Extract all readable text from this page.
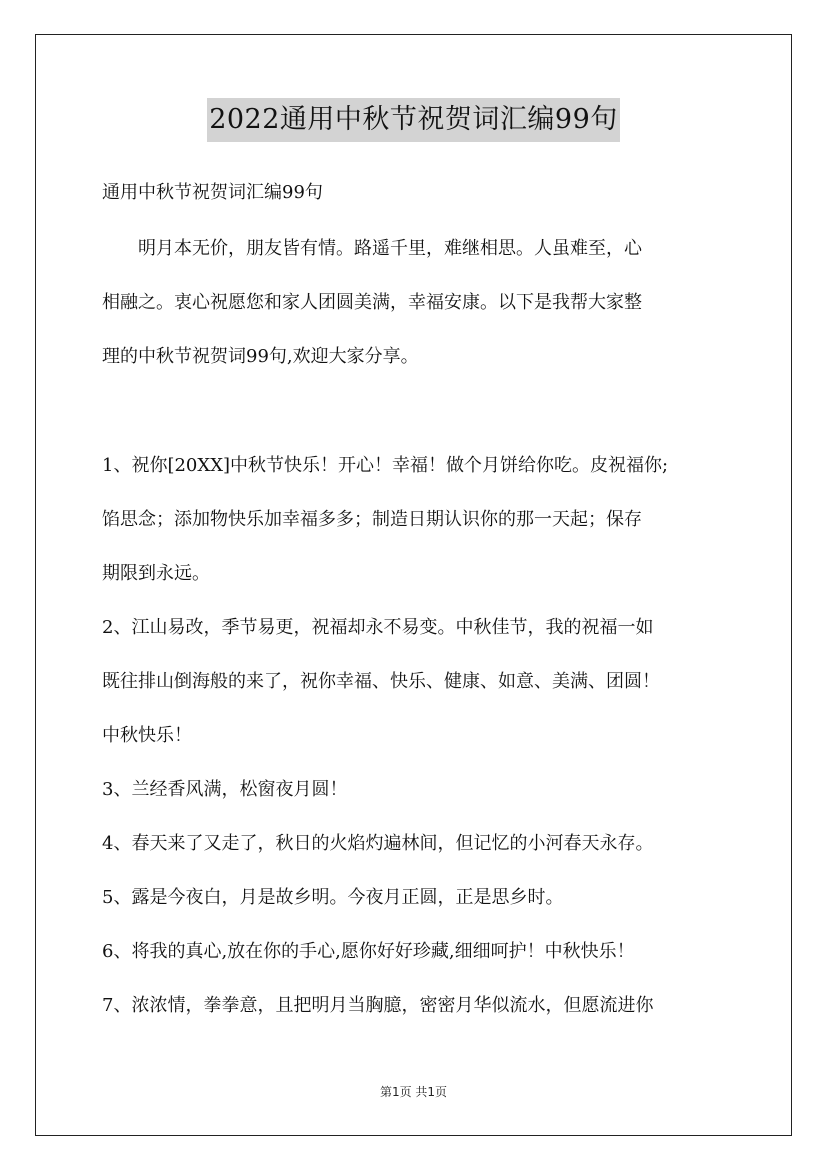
2022通用中秋节祝贺词汇编99句
通用中秋节祝贺词汇编99句
　　明月本无价，朋友皆有情。路遥千里，难继相思。人虽难至，心
相融之。衷心祝愿您和家人团圆美满，幸福安康。以下是我帮大家整
理的中秋节祝贺词99句,欢迎大家分享。
1、祝你[20XX]中秋节快乐！开心！幸福！做个月饼给你吃。皮祝福你;
馅思念；添加物快乐加幸福多多；制造日期认识你的那一天起；保存
期限到永远。
2、江山易改，季节易更，祝福却永不易变。中秋佳节，我的祝福一如
既往排山倒海般的来了，祝你幸福、快乐、健康、如意、美满、团圆！
中秋快乐！
3、兰经香风满，松窗夜月圆！
4、春天来了又走了，秋日的火焰灼遍林间，但记忆的小河春天永存。
5、露是今夜白，月是故乡明。今夜月正圆，正是思乡时。
6、将我的真心,放在你的手心,愿你好好珍藏,细细呵护！中秋快乐！
7、浓浓情，拳拳意，且把明月当胸臆，密密月华似流水，但愿流进你
第1页 共1页
